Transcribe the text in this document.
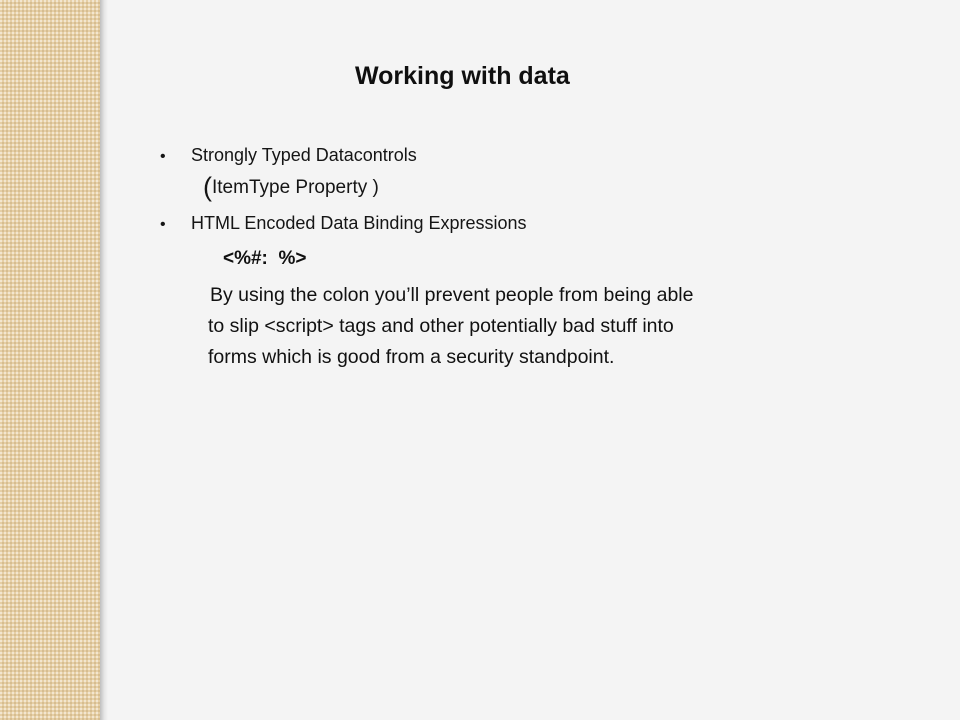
Working with data
• Strongly Typed Datacontrols
(ItemType Property )
• HTML Encoded Data Binding Expressions
<%#:  %>
By using the colon you’ll prevent people from being able
to slip <script> tags and other potentially bad stuff into
forms which is good from a security standpoint.
